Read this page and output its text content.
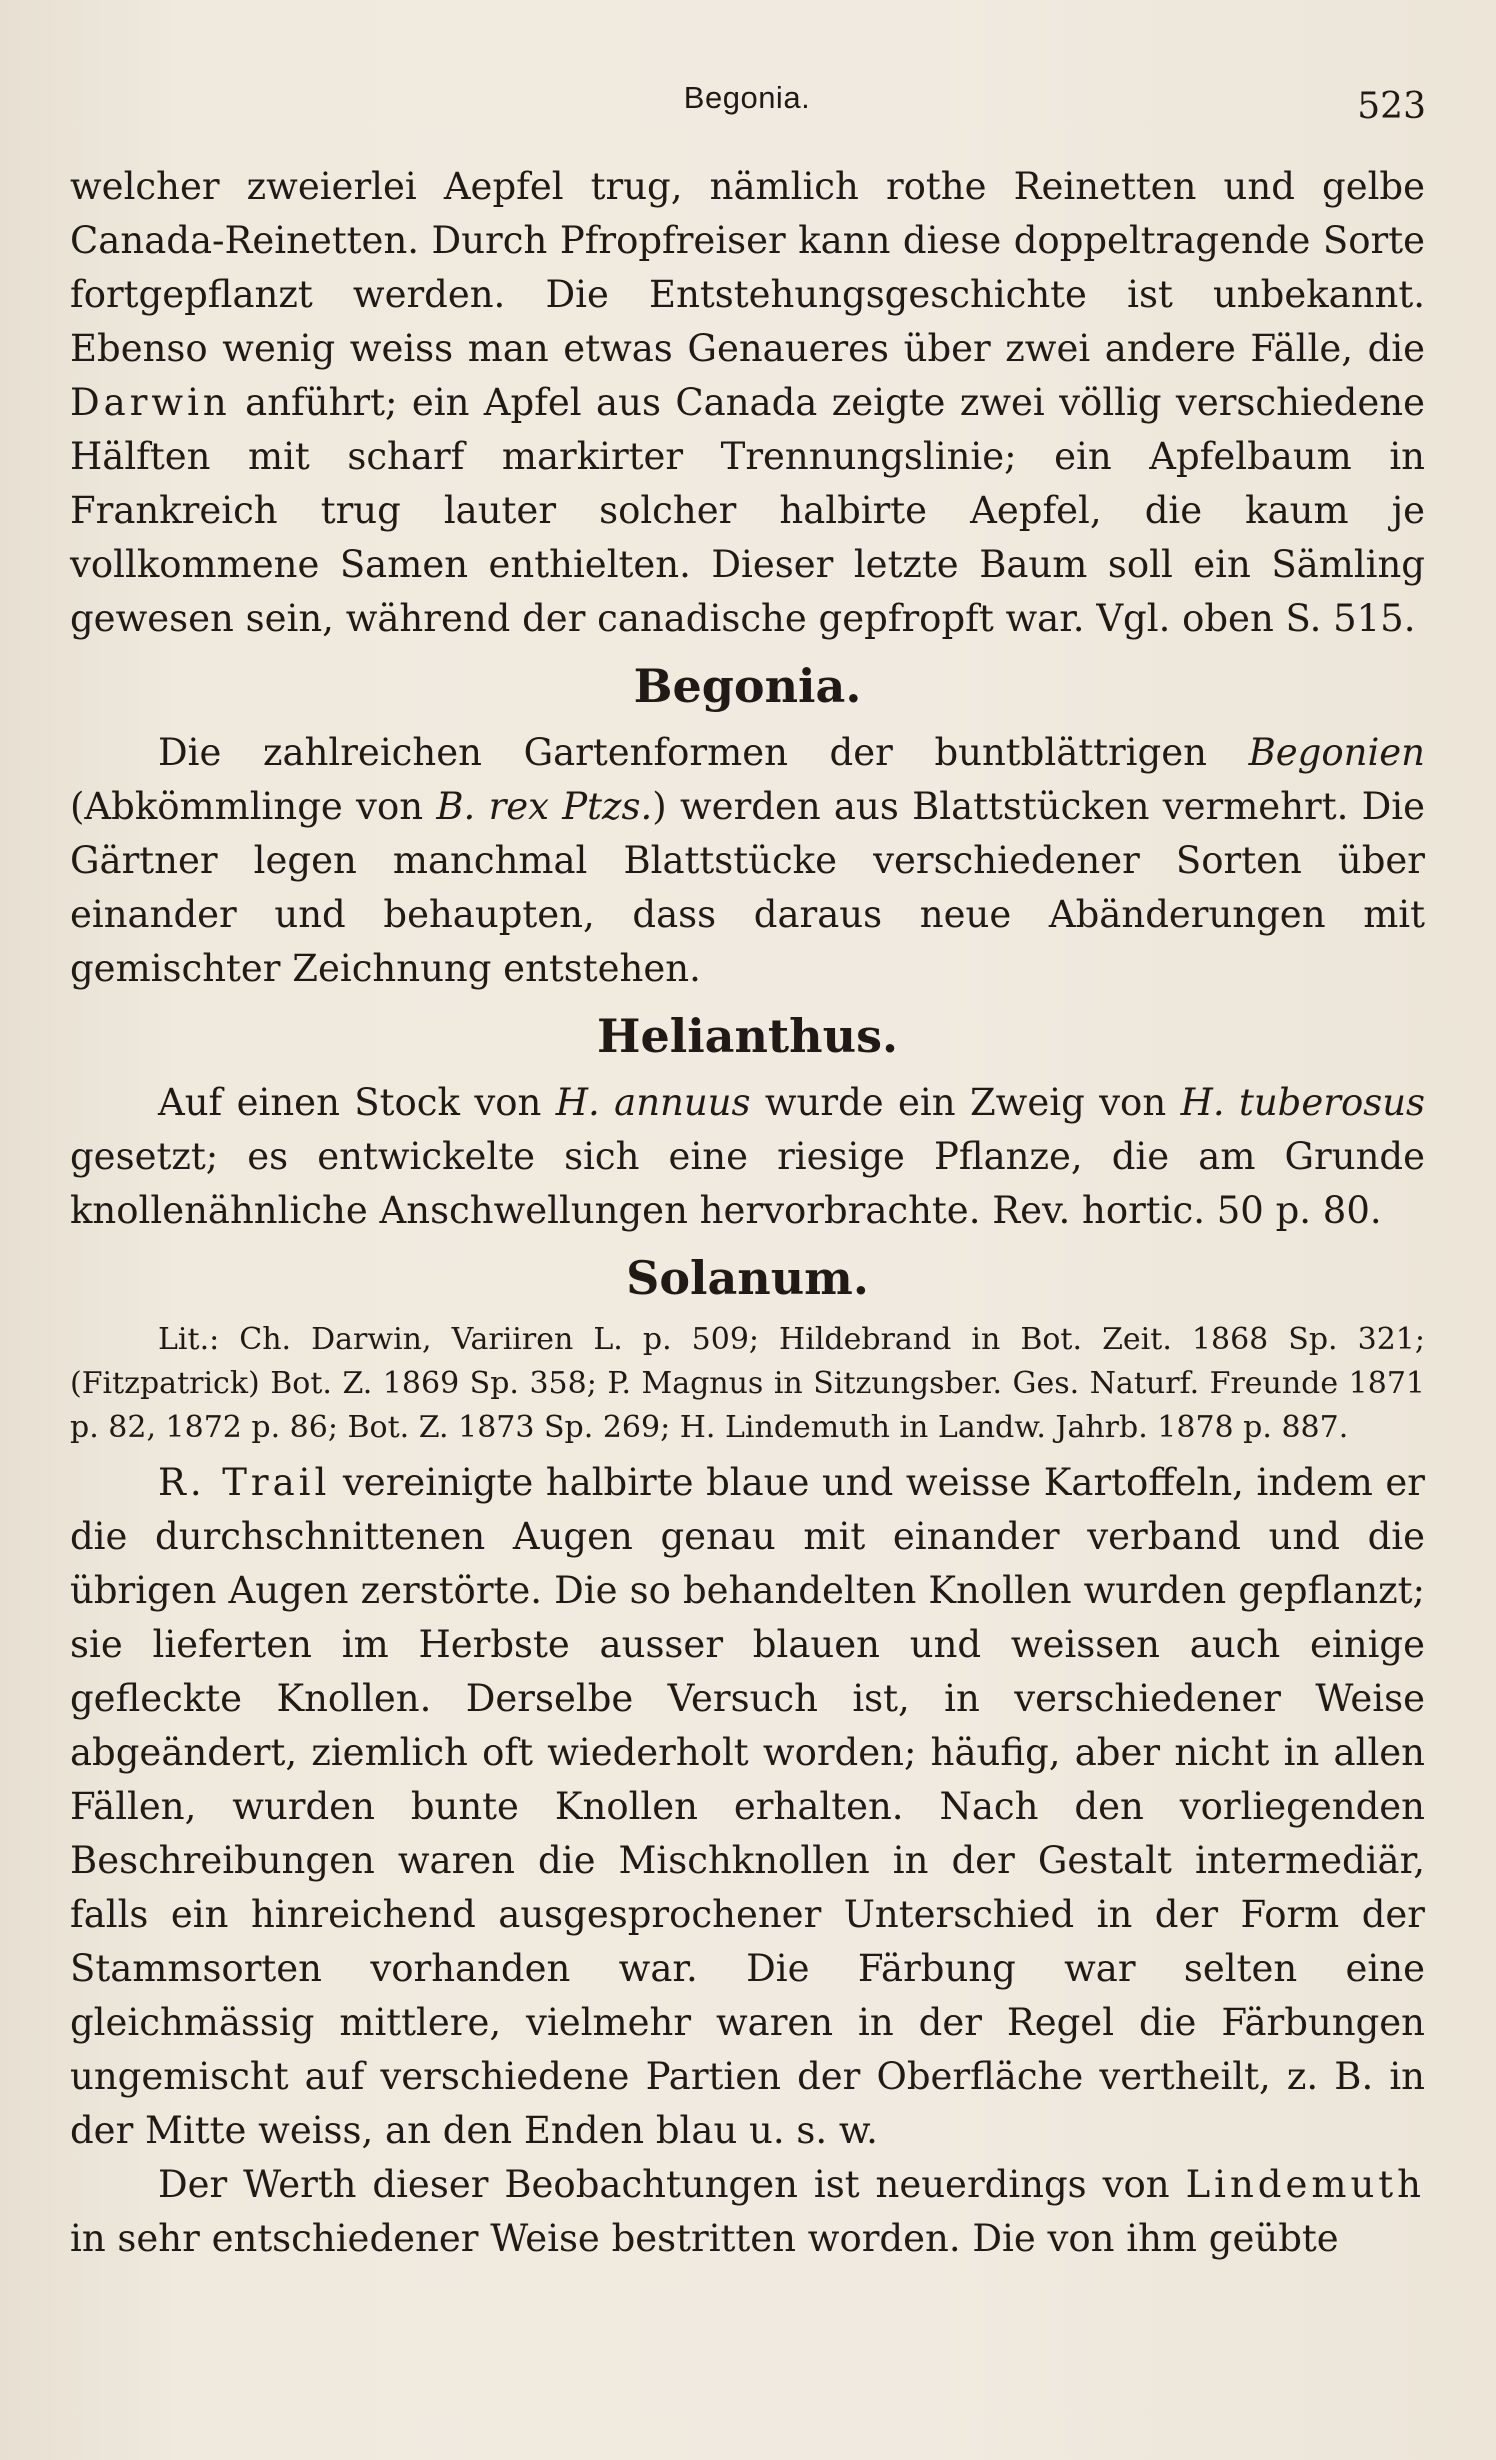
Begonia.	523

welcher zweierlei Aepfel trug, nämlich rothe Reinetten und gelbe Canada-Reinetten. Durch Pfropfreiser kann diese doppeltragende Sorte fortgepflanzt werden. Die Entstehungsgeschichte ist unbekannt. Ebenso wenig weiss man etwas Genaueres über zwei andere Fälle, die Darwin anführt; ein Apfel aus Canada zeigte zwei völlig verschiedene Hälften mit scharf markirter Trennungslinie; ein Apfelbaum in Frankreich trug lauter solcher halbirte Aepfel, die kaum je vollkommene Samen enthielten. Dieser letzte Baum soll ein Sämling gewesen sein, während der canadische gepfropft war. Vgl. oben S. 515.

Begonia.

Die zahlreichen Gartenformen der buntblättrigen Begonien (Abkömmlinge von B. rex Ptzs.) werden aus Blattstücken vermehrt. Die Gärtner legen manchmal Blattstücke verschiedener Sorten über einander und behaupten, dass daraus neue Abänderungen mit gemischter Zeichnung entstehen.

Helianthus.

Auf einen Stock von H. annuus wurde ein Zweig von H. tuberosus gesetzt; es entwickelte sich eine riesige Pflanze, die am Grunde knollenähnliche Anschwellungen hervorbrachte. Rev. hortic. 50 p. 80.

Solanum.

Lit.: Ch. Darwin, Variiren L. p. 509; Hildebrand in Bot. Zeit. 1868 Sp. 321; (Fitzpatrick) Bot. Z. 1869 Sp. 358; P. Magnus in Sitzungsber. Ges. Naturf. Freunde 1871 p. 82, 1872 p. 86; Bot. Z. 1873 Sp. 269; H. Lindemuth in Landw. Jahrb. 1878 p. 887.

R. Trail vereinigte halbirte blaue und weisse Kartoffeln, indem er die durchschnittenen Augen genau mit einander verband und die übrigen Augen zerstörte. Die so behandelten Knollen wurden gepflanzt; sie lieferten im Herbste ausser blauen und weissen auch einige gefleckte Knollen. Derselbe Versuch ist, in verschiedener Weise abgeändert, ziemlich oft wiederholt worden; häufig, aber nicht in allen Fällen, wurden bunte Knollen erhalten. Nach den vorliegenden Beschreibungen waren die Mischknollen in der Gestalt intermediär, falls ein hinreichend ausgesprochener Unterschied in der Form der Stammsorten vorhanden war. Die Färbung war selten eine gleichmässig mittlere, vielmehr waren in der Regel die Färbungen ungemischt auf verschiedene Partien der Oberfläche vertheilt, z. B. in der Mitte weiss, an den Enden blau u. s. w.

Der Werth dieser Beobachtungen ist neuerdings von Lindemuth in sehr entschiedener Weise bestritten worden. Die von ihm geübte
